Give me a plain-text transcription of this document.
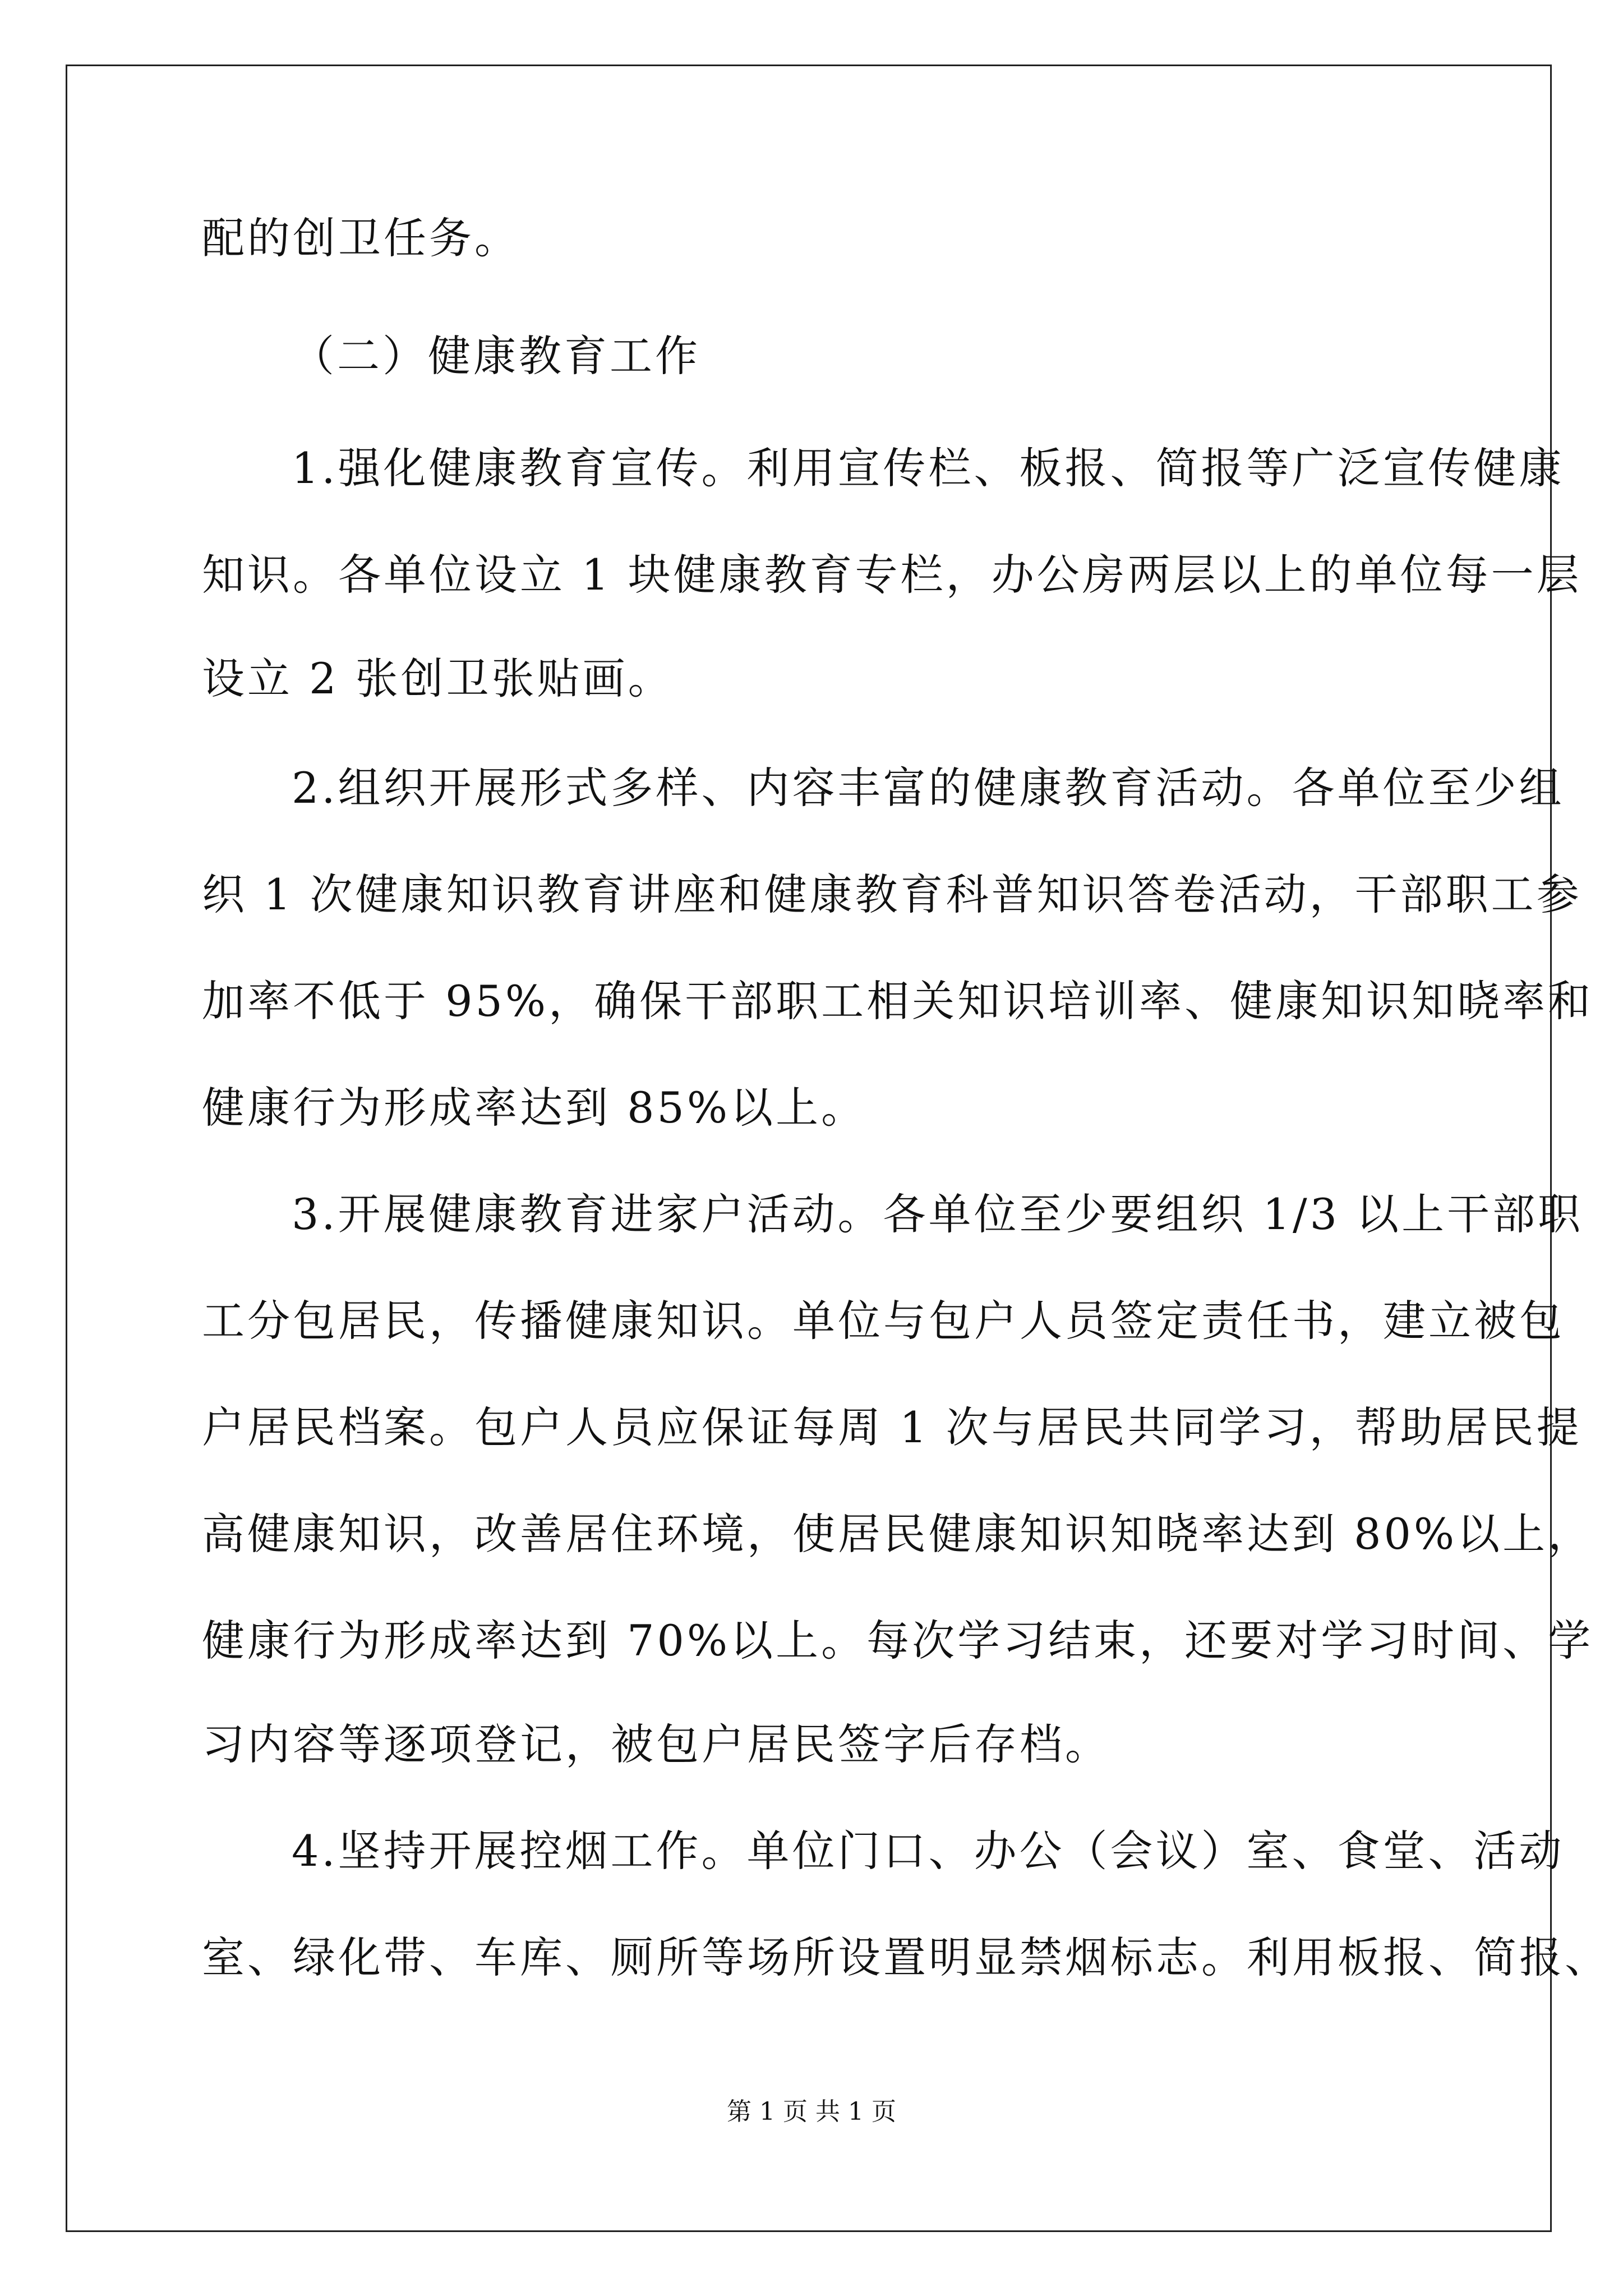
配的创卫任务。
（二）健康教育工作
1.强化健康教育宣传。利用宣传栏、板报、简报等广泛宣传健康
知识。各单位设立 1 块健康教育专栏，办公房两层以上的单位每一层
设立 2 张创卫张贴画。
2.组织开展形式多样、内容丰富的健康教育活动。各单位至少组
织 1 次健康知识教育讲座和健康教育科普知识答卷活动，干部职工参
加率不低于 95%，确保干部职工相关知识培训率、健康知识知晓率和
健康行为形成率达到 85%以上。
3.开展健康教育进家户活动。各单位至少要组织 1/3 以上干部职
工分包居民，传播健康知识。单位与包户人员签定责任书，建立被包
户居民档案。包户人员应保证每周 1 次与居民共同学习，帮助居民提
高健康知识，改善居住环境，使居民健康知识知晓率达到 80%以上，
健康行为形成率达到 70%以上。每次学习结束，还要对学习时间、学
习内容等逐项登记，被包户居民签字后存档。
4.坚持开展控烟工作。单位门口、办公（会议）室、食堂、活动
室、绿化带、车库、厕所等场所设置明显禁烟标志。利用板报、简报、
第 1 页 共 1 页
